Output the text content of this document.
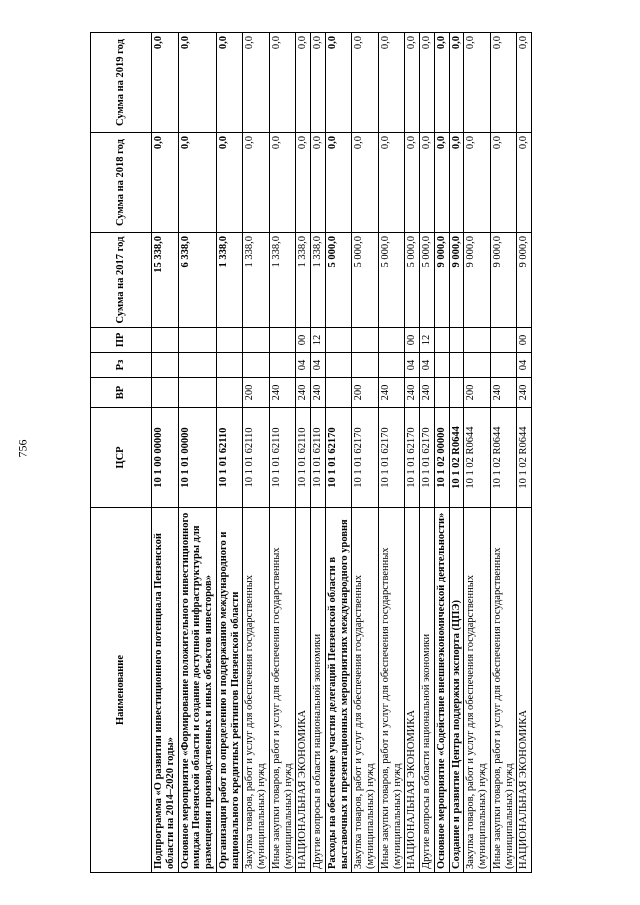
756
Наименование	ЦСР	ВР	Рз	ПР	Сумма на 2017 год	Сумма на 2018 год	Сумма на 2019 год
Подпрограмма «О развитии инвестиционного потенциала Пензенской области на 2014–2020 годы»	10 1 00 00000				15 338,0	0,0	0,0
Основное мероприятие «Формирование положительного инвестиционного имиджа Пензенской области и создание доступной инфраструктуры для размещения производственных и иных объектов инвесторов»	10 1 01 00000				6 338,0	0,0	0,0
Организация работ по определению и поддержанию международного и национального кредитных рейтингов Пензенской области	10 1 01 62110				1 338,0	0,0	0,0
Закупка товаров, работ и услуг для обеспечения государственных (муниципальных) нужд	10 1 01 62110	200			1 338,0	0,0	0,0
Иные закупки товаров, работ и услуг для обеспечения государственных (муниципальных) нужд	10 1 01 62110	240			1 338,0	0,0	0,0
НАЦИОНАЛЬНАЯ ЭКОНОМИКА	10 1 01 62110	240	04	00	1 338,0	0,0	0,0
Другие вопросы в области национальной экономики	10 1 01 62110	240	04	12	1 338,0	0,0	0,0
Расходы на обеспечение участия делегаций Пензенской области в выставочных и презентационных мероприятиях международного уровня	10 1 01 62170				5 000,0	0,0	0,0
Закупка товаров, работ и услуг для обеспечения государственных (муниципальных) нужд	10 1 01 62170	200			5 000,0	0,0	0,0
Иные закупки товаров, работ и услуг для обеспечения государственных (муниципальных) нужд	10 1 01 62170	240			5 000,0	0,0	0,0
НАЦИОНАЛЬНАЯ ЭКОНОМИКА	10 1 01 62170	240	04	00	5 000,0	0,0	0,0
Другие вопросы в области национальной экономики	10 1 01 62170	240	04	12	5 000,0	0,0	0,0
Основное мероприятие «Содействие внешнеэкономической деятельности»	10 1 02 00000				9 000,0	0,0	0,0
Создание и развитие Центра поддержки экспорта (ЦПЭ)	10 1 02 R0644				9 000,0	0,0	0,0
Закупка товаров, работ и услуг для обеспечения государственных (муниципальных) нужд	10 1 02 R0644	200			9 000,0	0,0	0,0
Иные закупки товаров, работ и услуг для обеспечения государственных (муниципальных) нужд	10 1 02 R0644	240			9 000,0	0,0	0,0
НАЦИОНАЛЬНАЯ ЭКОНОМИКА	10 1 02 R0644	240	04	00	9 000,0	0,0	0,0
